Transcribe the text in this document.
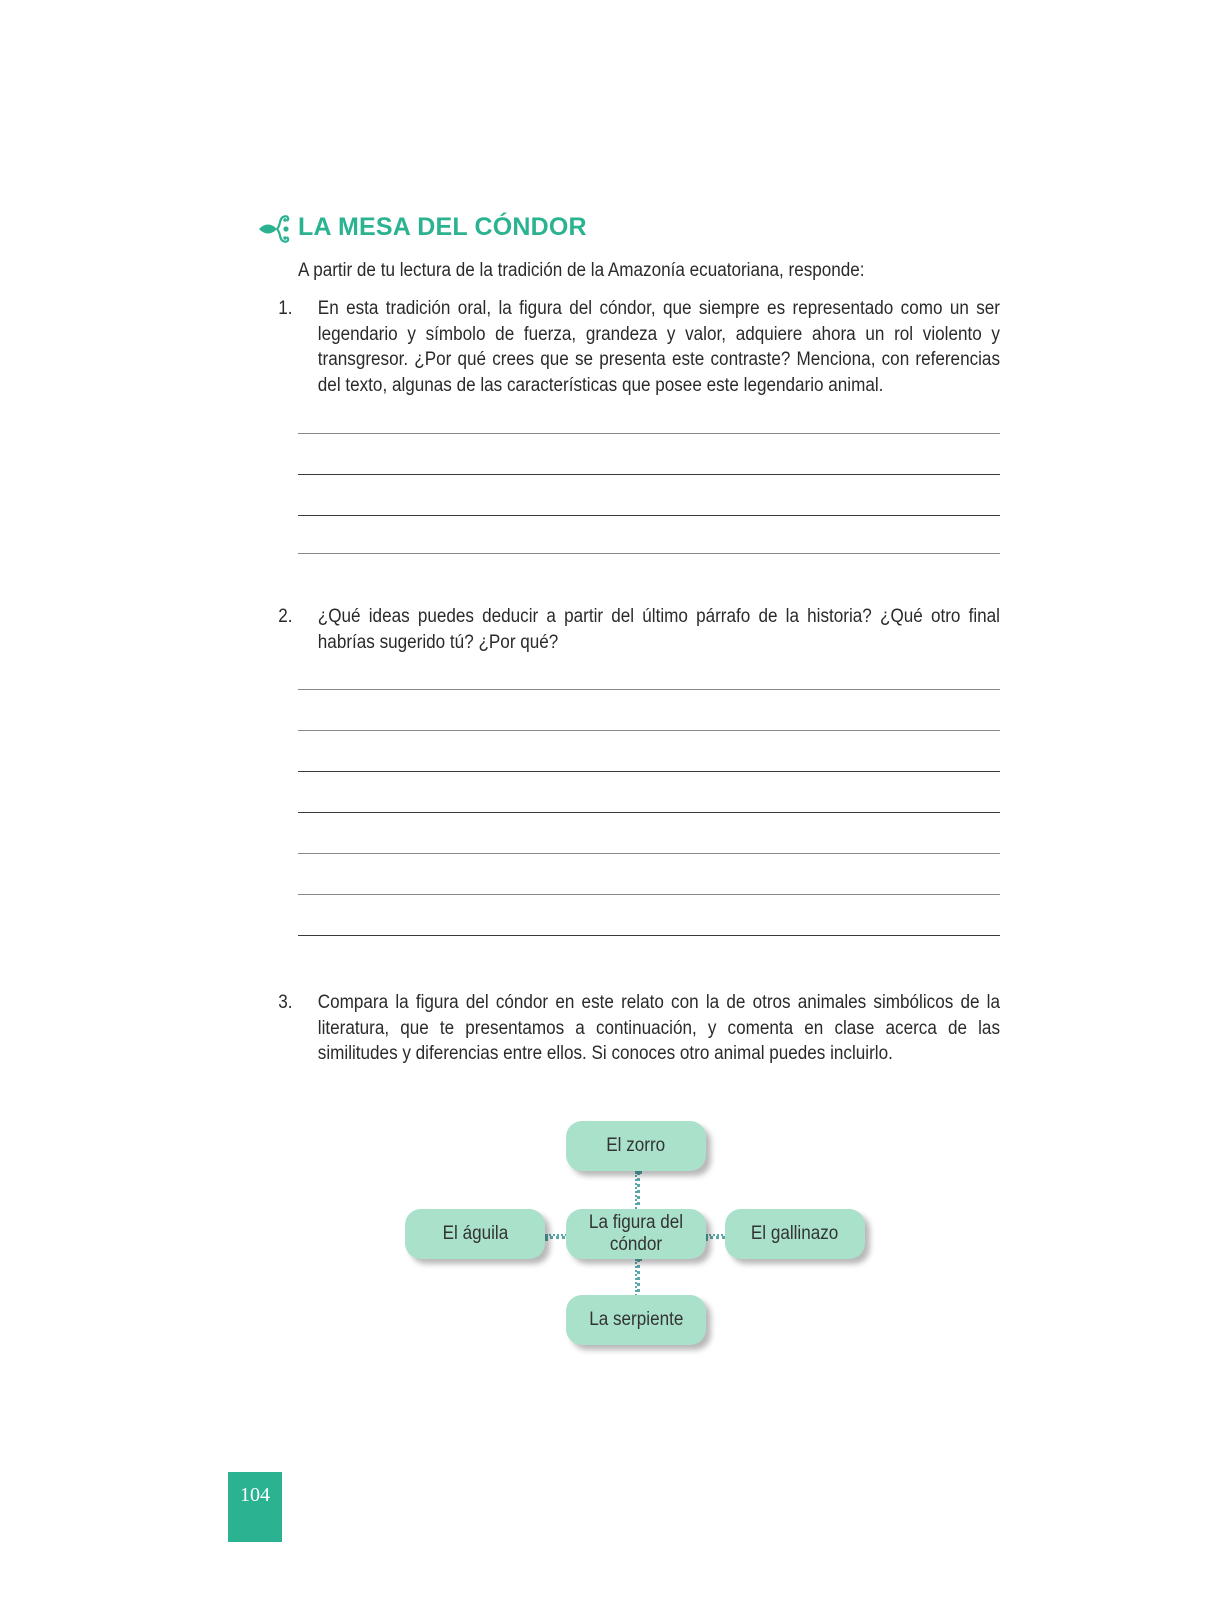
LA MESA DEL CÓNDOR

A partir de tu lectura de la tradición de la Amazonía ecuatoriana, responde:

1. En esta tradición oral, la figura del cóndor, que siempre es representado como un ser legendario y símbolo de fuerza, grandeza y valor, adquiere ahora un rol violento y transgresor. ¿Por qué crees que se presenta este contraste? Menciona, con referencias del texto, algunas de las características que posee este legendario animal.
2. ¿Qué ideas puedes deducir a partir del último párrafo de la historia? ¿Qué otro final habrías sugerido tú? ¿Por qué?
3. Compara la figura del cóndor en este relato con la de otros animales simbólicos de la literatura, que te presentamos a continuación, y comenta en clase acerca de las similitudes y diferencias entre ellos. Si conoces otro animal puedes incluirlo.
El zorro
El águila
La figura del cóndor
El gallinazo
La serpiente
104
